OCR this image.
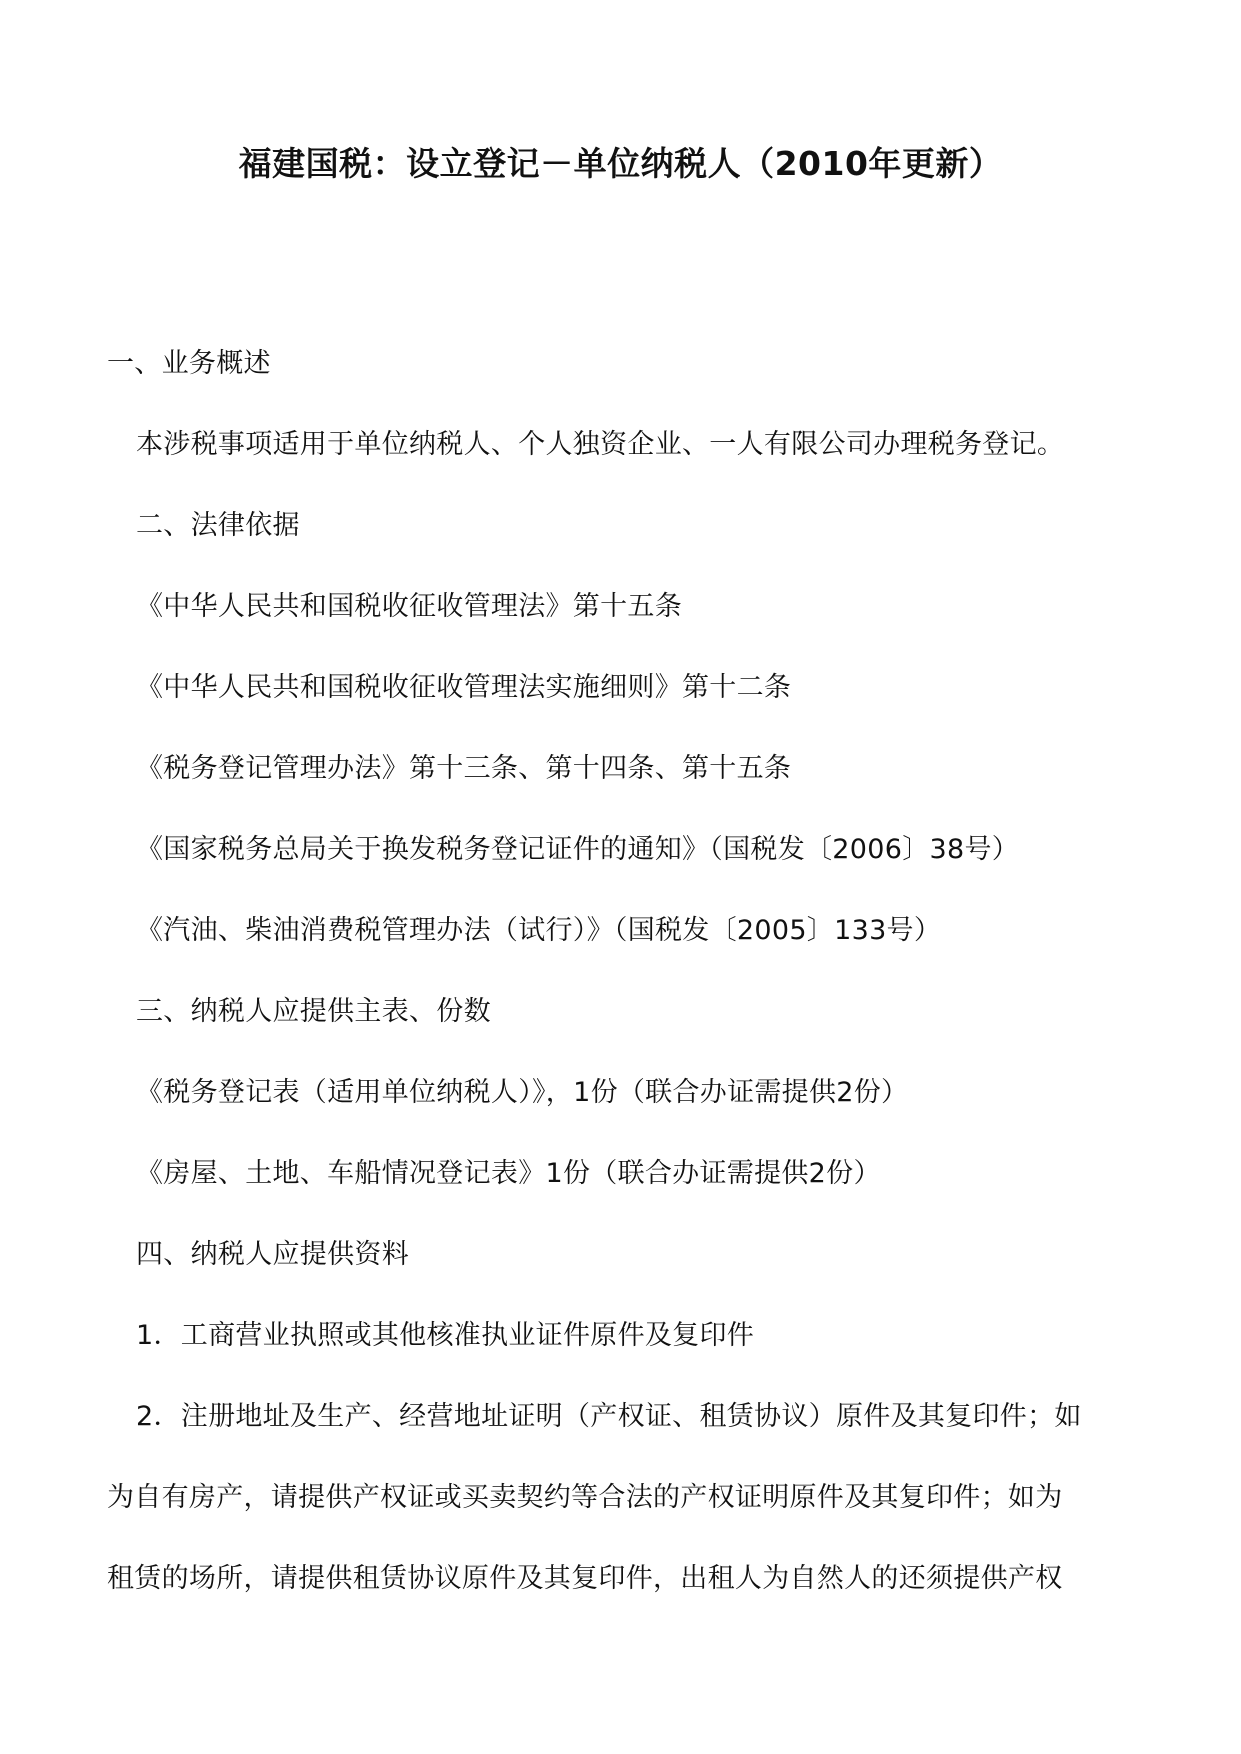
福建国税：设立登记－单位纳税人（2010年更新）
一、业务概述
本涉税事项适用于单位纳税人、个人独资企业、一人有限公司办理税务登记。
二、法律依据
《中华人民共和国税收征收管理法》第十五条
《中华人民共和国税收征收管理法实施细则》第十二条
《税务登记管理办法》第十三条、第十四条、第十五条
《国家税务总局关于换发税务登记证件的通知》（国税发〔2006〕38号）
《汽油、柴油消费税管理办法（试行）》（国税发〔2005〕133号）
三、纳税人应提供主表、份数
《税务登记表（适用单位纳税人）》，1份（联合办证需提供2份）
《房屋、土地、车船情况登记表》1份（联合办证需提供2份）
四、纳税人应提供资料
1．工商营业执照或其他核准执业证件原件及复印件
2．注册地址及生产、经营地址证明（产权证、租赁协议）原件及其复印件；如
为自有房产，请提供产权证或买卖契约等合法的产权证明原件及其复印件；如为
租赁的场所，请提供租赁协议原件及其复印件，出租人为自然人的还须提供产权
